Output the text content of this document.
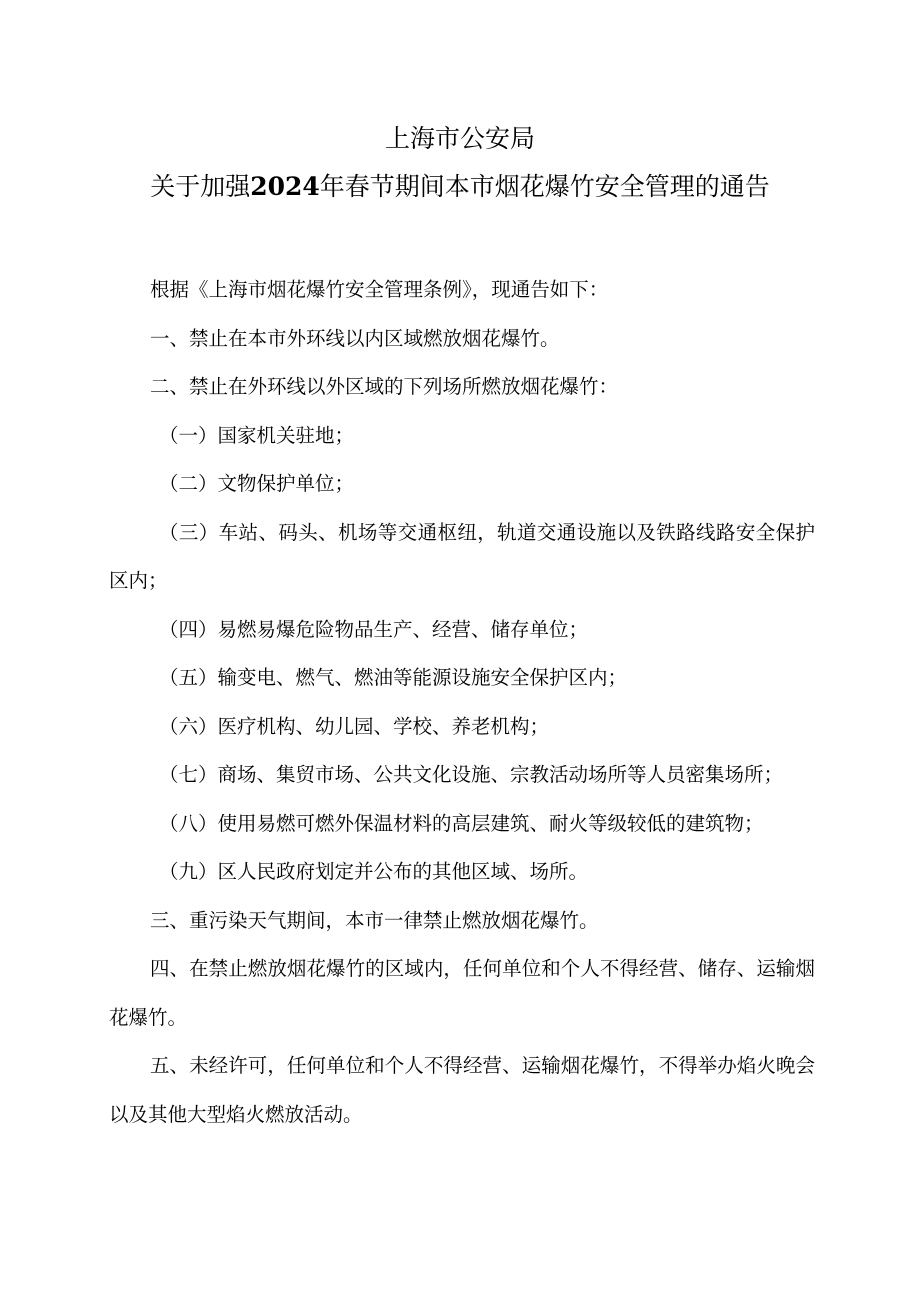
上海市公安局
关于加强2024年春节期间本市烟花爆竹安全管理的通告

根据《上海市烟花爆竹安全管理条例》，现通告如下：

一、禁止在本市外环线以内区域燃放烟花爆竹。

二、禁止在外环线以外区域的下列场所燃放烟花爆竹：

（一）国家机关驻地；

（二）文物保护单位；

（三）车站、码头、机场等交通枢纽，轨道交通设施以及铁路线路安全保护区内；

（四）易燃易爆危险物品生产、经营、储存单位；

（五）输变电、燃气、燃油等能源设施安全保护区内；

（六）医疗机构、幼儿园、学校、养老机构；

（七）商场、集贸市场、公共文化设施、宗教活动场所等人员密集场所；

（八）使用易燃可燃外保温材料的高层建筑、耐火等级较低的建筑物；

（九）区人民政府划定并公布的其他区域、场所。

三、重污染天气期间，本市一律禁止燃放烟花爆竹。

四、在禁止燃放烟花爆竹的区域内，任何单位和个人不得经营、储存、运输烟花爆竹。

五、未经许可，任何单位和个人不得经营、运输烟花爆竹，不得举办焰火晚会以及其他大型焰火燃放活动。
